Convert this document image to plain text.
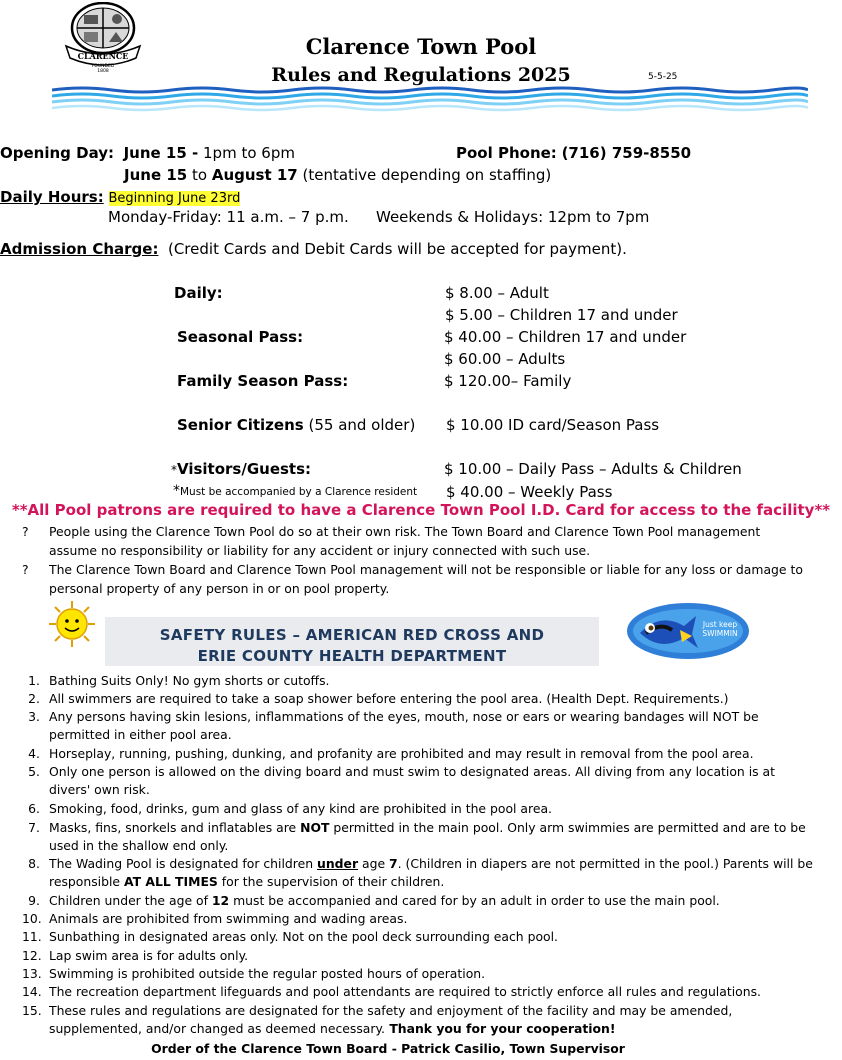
CLARENCE
FOUNDED
1808
Clarence Town Pool
Rules and Regulations 2025	5-5-25
Opening Day: June 15 - 1pm to 6pm	Pool Phone: (716) 759-8550
June 15 to August 17 (tentative depending on staffing)
Daily Hours: Beginning June 23rd
Monday-Friday: 11 a.m. – 7 p.m. Weekends & Holidays: 12pm to 7pm
Admission Charge: (Credit Cards and Debit Cards will be accepted for payment).
Daily:	$ 8.00 – Adult
$ 5.00 – Children 17 and under
Seasonal Pass:	$ 40.00 – Children 17 and under
$ 60.00 – Adults
Family Season Pass:	$ 120.00– Family
Senior Citizens (55 and older) $ 10.00 ID card/Season Pass
*Visitors/Guests:	$ 10.00 – Daily Pass – Adults & Children
*Must be accompanied by a Clarence resident $ 40.00 – Weekly Pass
**All Pool patrons are required to have a Clarence Town Pool I.D. Card for access to the facility**
? People using the Clarence Town Pool do so at their own risk. The Town Board and Clarence Town Pool management assume no responsibility or liability for any accident or injury connected with such use.
? The Clarence Town Board and Clarence Town Pool management will not be responsible or liable for any loss or damage to personal property of any person in or on pool property.
SAFETY RULES – AMERICAN RED CROSS AND
ERIE COUNTY HEALTH DEPARTMENT
Just keep
SWIMMIN
1. Bathing Suits Only! No gym shorts or cutoffs.
2. All swimmers are required to take a soap shower before entering the pool area. (Health Dept. Requirements.)
3. Any persons having skin lesions, inflammations of the eyes, mouth, nose or ears or wearing bandages will NOT be permitted in either pool area.
4. Horseplay, running, pushing, dunking, and profanity are prohibited and may result in removal from the pool area.
5. Only one person is allowed on the diving board and must swim to designated areas. All diving from any location is at divers' own risk.
6. Smoking, food, drinks, gum and glass of any kind are prohibited in the pool area.
7. Masks, fins, snorkels and inflatables are NOT permitted in the main pool. Only arm swimmies are permitted and are to be used in the shallow end only.
8. The Wading Pool is designated for children under age 7. (Children in diapers are not permitted in the pool.) Parents will be responsible AT ALL TIMES for the supervision of their children.
9. Children under the age of 12 must be accompanied and cared for by an adult in order to use the main pool.
10. Animals are prohibited from swimming and wading areas.
11. Sunbathing in designated areas only. Not on the pool deck surrounding each pool.
12. Lap swim area is for adults only.
13. Swimming is prohibited outside the regular posted hours of operation.
14. The recreation department lifeguards and pool attendants are required to strictly enforce all rules and regulations.
15. These rules and regulations are designated for the safety and enjoyment of the facility and may be amended, supplemented, and/or changed as deemed necessary. Thank you for your cooperation!
Order of the Clarence Town Board - Patrick Casilio, Town Supervisor
